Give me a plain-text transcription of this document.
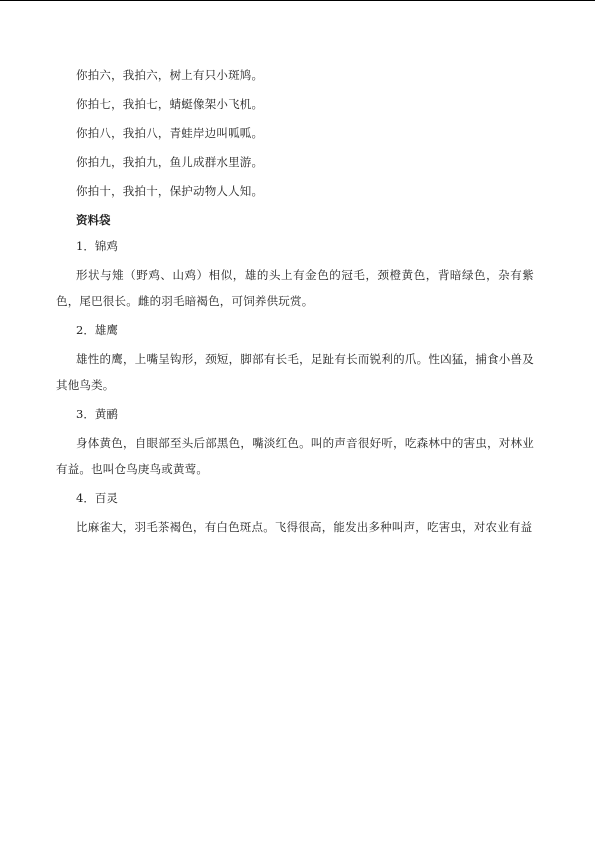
你拍六，我拍六，树上有只小斑鸠。

你拍七，我拍七，蜻蜓像架小飞机。

你拍八，我拍八，青蛙岸边叫呱呱。

你拍九，我拍九，鱼儿成群水里游。

你拍十，我拍十，保护动物人人知。

资料袋

1．锦鸡

形状与雉（野鸡、山鸡）相似，雄的头上有金色的冠毛，颈橙黄色，背暗绿色，杂有紫色，尾巴很长。雌的羽毛暗褐色，可饲养供玩赏。

2．雄鹰

雄性的鹰，上嘴呈钩形，颈短，脚部有长毛，足趾有长而锐利的爪。性凶猛，捕食小兽及其他鸟类。

3．黄鹂

身体黄色，自眼部至头后部黑色，嘴淡红色。叫的声音很好听，吃森林中的害虫，对林业有益。也叫仓鸟庚鸟或黄莺。

4．百灵

比麻雀大，羽毛茶褐色，有白色斑点。飞得很高，能发出多种叫声，吃害虫，对农业有益
